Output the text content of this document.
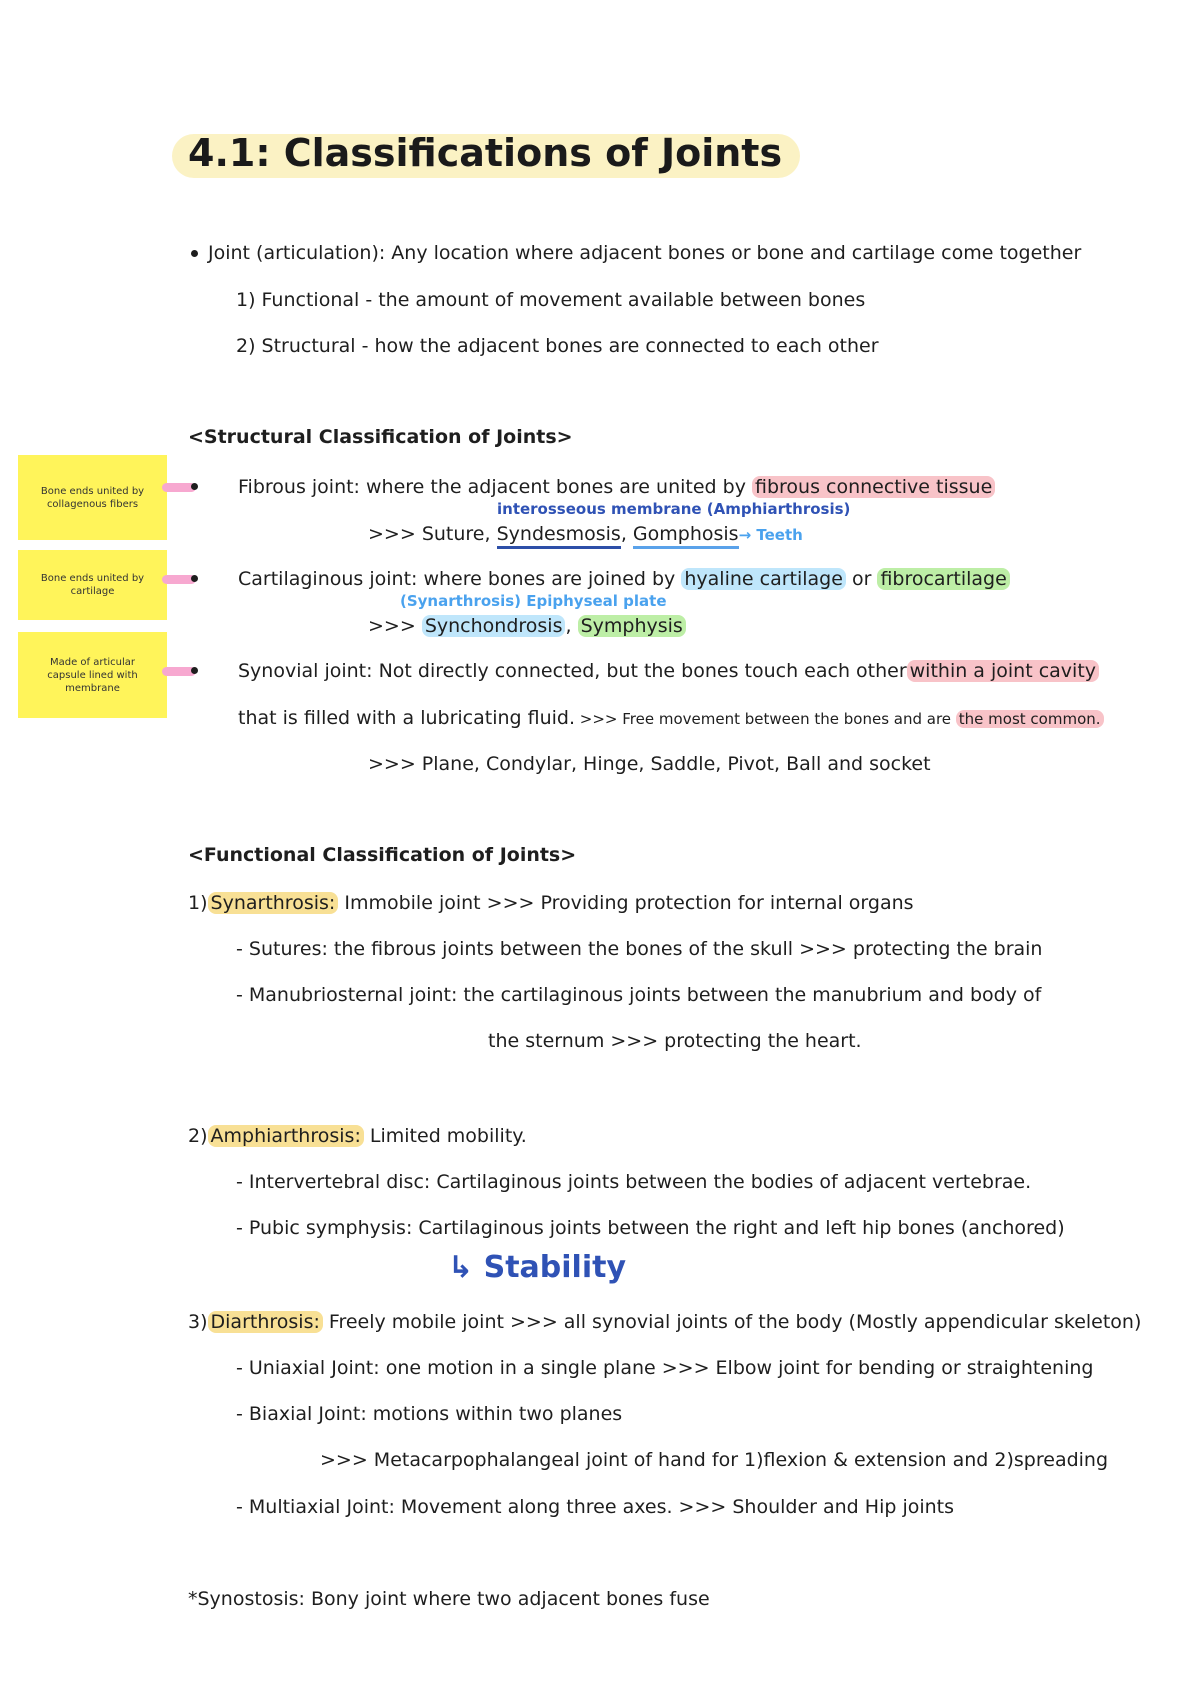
4.1: Classifications of Joints
Joint (articulation): Any location where adjacent bones or bone and cartilage come together
1) Functional - the amount of movement available between bones
2) Structural - how the adjacent bones are connected to each other
<Structural Classification of Joints>
Bone ends united by collagenous fibers
Bone ends united by cartilage
Made of articular capsule lined with membrane
Fibrous joint: where the adjacent bones are united by fibrous connective tissue
interosseous membrane (Amphiarthrosis)
>>> Suture, Syndesmosis, Gomphosis→ Teeth
Cartilaginous joint: where bones are joined by hyaline cartilage or fibrocartilage
(Synarthrosis) Epiphyseal plate
>>> Synchondrosis , Symphysis
Synovial joint: Not directly connected, but the bones touch each other within a joint cavity
that is filled with a lubricating fluid. >>> Free movement between the bones and are the most common.
>>> Plane, Condylar, Hinge, Saddle, Pivot, Ball and socket
<Functional Classification of Joints>
1) Synarthrosis: Immobile joint >>> Providing protection for internal organs
- Sutures: the fibrous joints between the bones of the skull >>> protecting the brain
- Manubriosternal joint: the cartilaginous joints between the manubrium and body of
the sternum >>> protecting the heart.
2) Amphiarthrosis: Limited mobility.
- Intervertebral disc: Cartilaginous joints between the bodies of adjacent vertebrae.
- Pubic symphysis: Cartilaginous joints between the right and left hip bones (anchored)
↳ Stability
3) Diarthrosis: Freely mobile joint >>> all synovial joints of the body (Mostly appendicular skeleton)
- Uniaxial Joint: one motion in a single plane >>> Elbow joint for bending or straightening
- Biaxial Joint: motions within two planes
>>> Metacarpophalangeal joint of hand for 1)flexion & extension and 2)spreading
- Multiaxial Joint: Movement along three axes. >>> Shoulder and Hip joints
*Synostosis: Bony joint where two adjacent bones fuse
